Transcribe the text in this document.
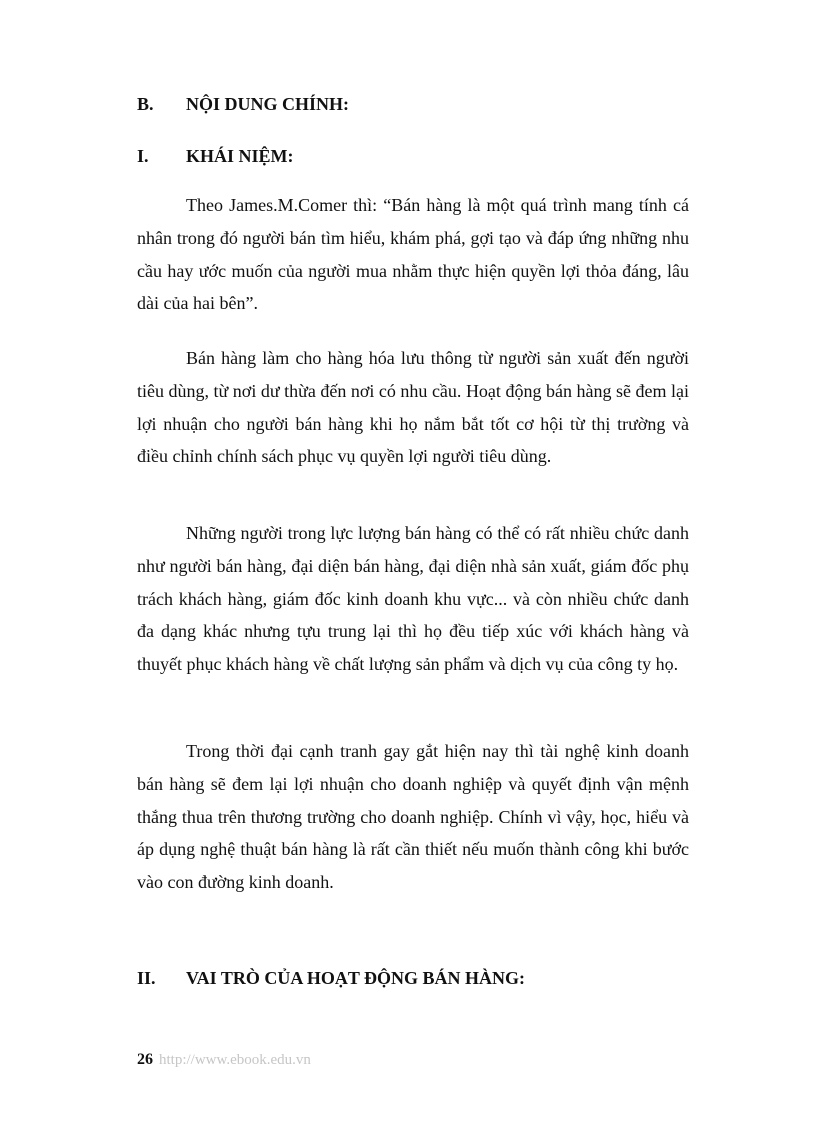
B. NỘI DUNG CHÍNH:
I. KHÁI NIỆM:

Theo James.M.Comer thì: “Bán hàng là một quá trình mang tính cá nhân trong đó người bán tìm hiểu, khám phá, gợi tạo và đáp ứng những nhu cầu hay ước muốn của người mua nhằm thực hiện quyền lợi thỏa đáng, lâu dài của hai bên”.

Bán hàng làm cho hàng hóa lưu thông từ người sản xuất đến người tiêu dùng, từ nơi dư thừa đến nơi có nhu cầu. Hoạt động bán hàng sẽ đem lại lợi nhuận cho người bán hàng khi họ nắm bắt tốt cơ hội từ thị trường và điều chỉnh chính sách phục vụ quyền lợi người tiêu dùng.

Những người trong lực lượng bán hàng có thể có rất nhiều chức danh như người bán hàng, đại diện bán hàng, đại diện nhà sản xuất, giám đốc phụ trách khách hàng, giám đốc kinh doanh khu vực... và còn nhiều chức danh đa dạng khác nhưng tựu trung lại thì họ đều tiếp xúc với khách hàng và thuyết phục khách hàng về chất lượng sản phẩm và dịch vụ của công ty họ.

Trong thời đại cạnh tranh gay gắt hiện nay thì tài nghệ kinh doanh bán hàng sẽ đem lại lợi nhuận cho doanh nghiệp và quyết định vận mệnh thắng thua trên thương trường cho doanh nghiệp. Chính vì vậy, học, hiểu và áp dụng nghệ thuật bán hàng là rất cần thiết nếu muốn thành công khi bước vào con đường kinh doanh.

II. VAI TRÒ CỦA HOẠT ĐỘNG BÁN HÀNG:
26 http://www.ebook.edu.vn
